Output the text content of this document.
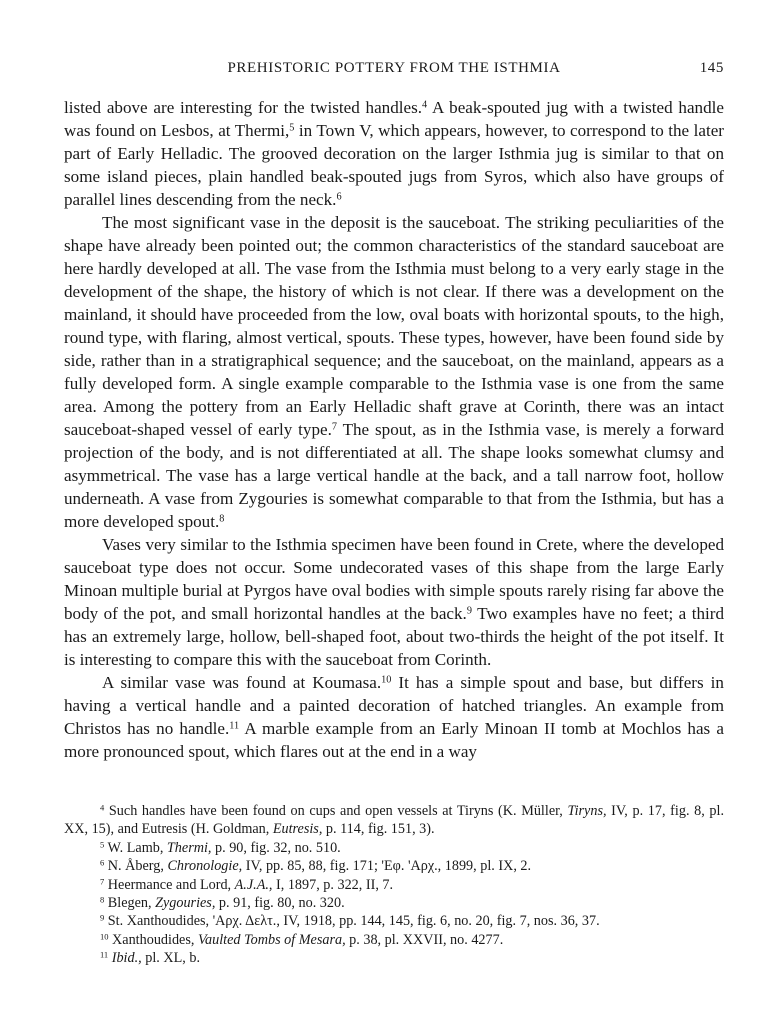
PREHISTORIC POTTERY FROM THE ISTHMIA	145

listed above are interesting for the twisted handles.$^4$ A beak-spouted jug with a twisted handle was found on Lesbos, at Thermi,$^5$ in Town V, which appears, however, to correspond to the later part of Early Helladic. The grooved decoration on the larger Isthmia jug is similar to that on some island pieces, plain handled beak-spouted jugs from Syros, which also have groups of parallel lines descending from the neck.$^6$

The most significant vase in the deposit is the sauceboat. The striking peculiarities of the shape have already been pointed out; the common characteristics of the standard sauceboat are here hardly developed at all. The vase from the Isthmia must belong to a very early stage in the development of the shape, the history of which is not clear. If there was a development on the mainland, it should have proceeded from the low, oval boats with horizontal spouts, to the high, round type, with flaring, almost vertical, spouts. These types, however, have been found side by side, rather than in a stratigraphical sequence; and the sauceboat, on the mainland, appears as a fully developed form. A single example comparable to the Isthmia vase is one from the same area. Among the pottery from an Early Helladic shaft grave at Corinth, there was an intact sauceboat-shaped vessel of early type.$^7$ The spout, as in the Isthmia vase, is merely a forward projection of the body, and is not differentiated at all. The shape looks somewhat clumsy and asymmetrical. The vase has a large vertical handle at the back, and a tall narrow foot, hollow underneath. A vase from Zygouries is somewhat comparable to that from the Isthmia, but has a more developed spout.$^8$

Vases very similar to the Isthmia specimen have been found in Crete, where the developed sauceboat type does not occur. Some undecorated vases of this shape from the large Early Minoan multiple burial at Pyrgos have oval bodies with simple spouts rarely rising far above the body of the pot, and small horizontal handles at the back.$^9$ Two examples have no feet; a third has an extremely large, hollow, bell-shaped foot, about two-thirds the height of the pot itself. It is interesting to compare this with the sauceboat from Corinth.

A similar vase was found at Koumasa.$^{10}$ It has a simple spout and base, but differs in having a vertical handle and a painted decoration of hatched triangles. An example from Christos has no handle.$^{11}$ A marble example from an Early Minoan II tomb at Mochlos has a more pronounced spout, which flares out at the end in a way

$^4$ Such handles have been found on cups and open vessels at Tiryns (K. Müller, Tiryns, IV, p. 17, fig. 8, pl. XX, 15), and Eutresis (H. Goldman, Eutresis, p. 114, fig. 151, 3).

$^5$ W. Lamb, Thermi, p. 90, fig. 32, no. 510.

$^6$ N. Åberg, Chronologie, IV, pp. 85, 88, fig. 171; 'Εφ. 'Αρχ., 1899, pl. IX, 2.

$^7$ Heermance and Lord, A.J.A., I, 1897, p. 322, II, 7.

$^8$ Blegen, Zygouries, p. 91, fig. 80, no. 320.

$^9$ St. Xanthoudides, 'Αρχ. Δελτ., IV, 1918, pp. 144, 145, fig. 6, no. 20, fig. 7, nos. 36, 37.

$^{10}$ Xanthoudides, Vaulted Tombs of Mesara, p. 38, pl. XXVII, no. 4277.

$^{11}$ Ibid., pl. XL, b.
